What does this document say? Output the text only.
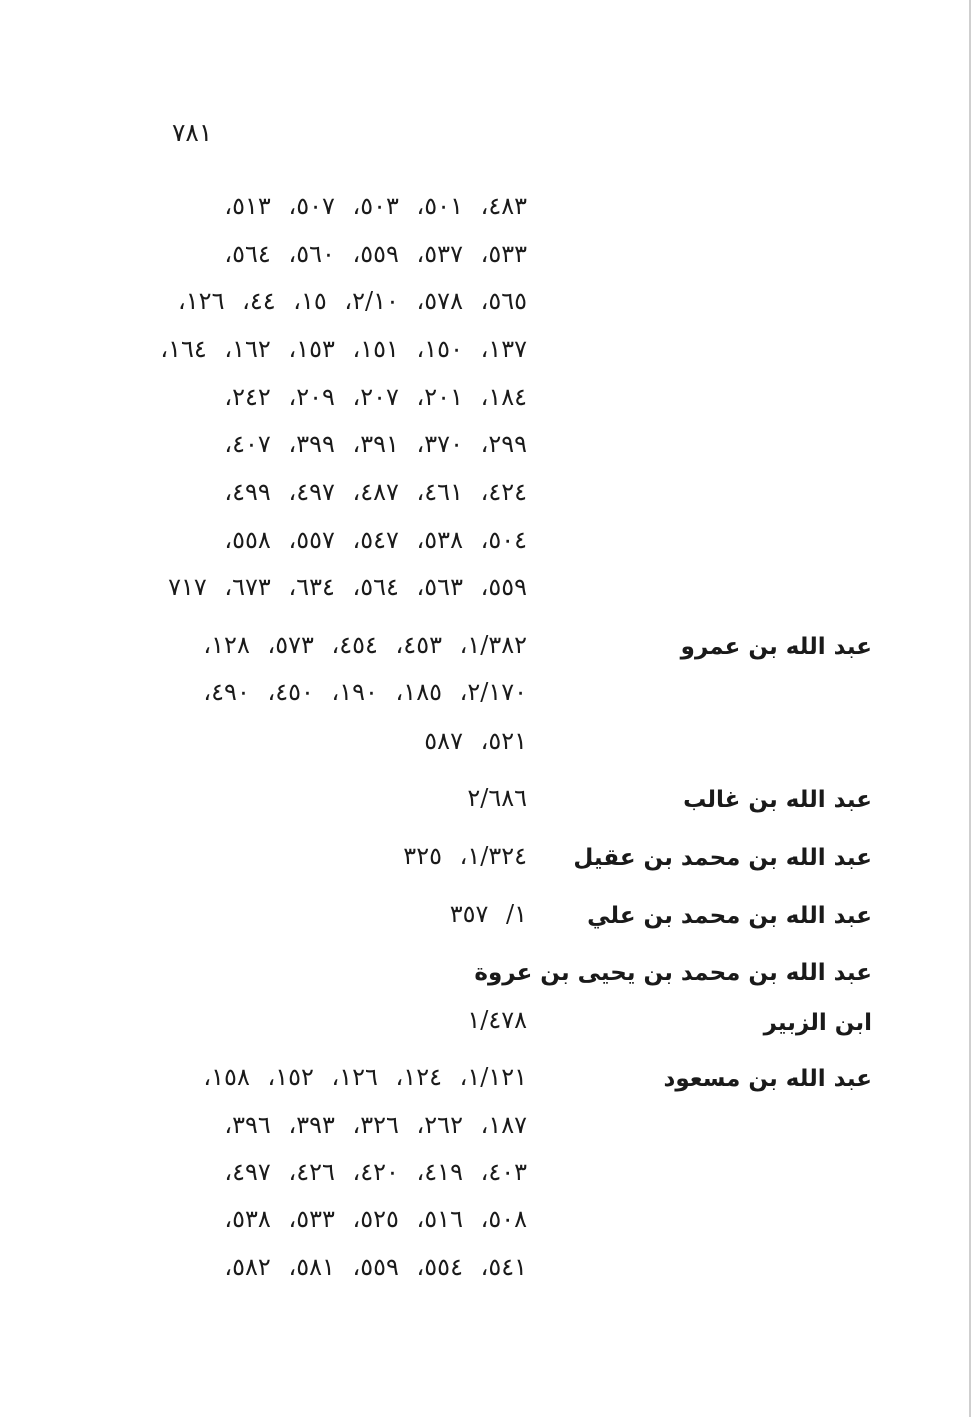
٧٨١
٤٨٣، ٥٠١، ٥٠٣، ٥٠٧، ٥١٣،
٥٣٣، ٥٣٧، ٥٥٩، ٥٦٠، ٥٦٤،
٥٦٥، ٥٧٨، ٢/١٠، ١٥، ٤٤، ١٢٦،
١٣٧، ١٥٠، ١٥١، ١٥٣، ١٦٢، ١٦٤،
١٨٤، ٢٠١، ٢٠٧، ٢٠٩، ٢٤٢،
٢٩٩، ٣٧٠، ٣٩١، ٣٩٩، ٤٠٧،
٤٢٤، ٤٦١، ٤٨٧، ٤٩٧، ٤٩٩،
٥٠٤، ٥٣٨، ٥٤٧، ٥٥٧، ٥٥٨،
٥٥٩، ٥٦٣، ٥٦٤، ٦٣٤، ٦٧٣، ٧١٧
عبد الله بن عمرو
١/٣٨٢، ٤٥٣، ٤٥٤، ٥٧٣، ١٢٨،
٢/١٧٠، ١٨٥، ١٩٠، ٤٥٠، ٤٩٠،
٥٢١، ٥٨٧
عبد الله بن غالب
٢/٦٨٦
عبد الله بن محمد بن عقيل
١/٣٢٤، ٣٢٥
عبد الله بن محمد بن علي
١/ ٣٥٧
عبد الله بن محمد بن يحيى بن عروة
ابن الزبير
١/٤٧٨
عبد الله بن مسعود
١/١٢١، ١٢٤، ١٢٦، ١٥٢، ١٥٨،
١٨٧، ٢٦٢، ٣٢٦، ٣٩٣، ٣٩٦،
٤٠٣، ٤١٩، ٤٢٠، ٤٢٦، ٤٩٧،
٥٠٨، ٥١٦، ٥٢٥، ٥٣٣، ٥٣٨،
٥٤١، ٥٥٤، ٥٥٩، ٥٨١، ٥٨٢،
